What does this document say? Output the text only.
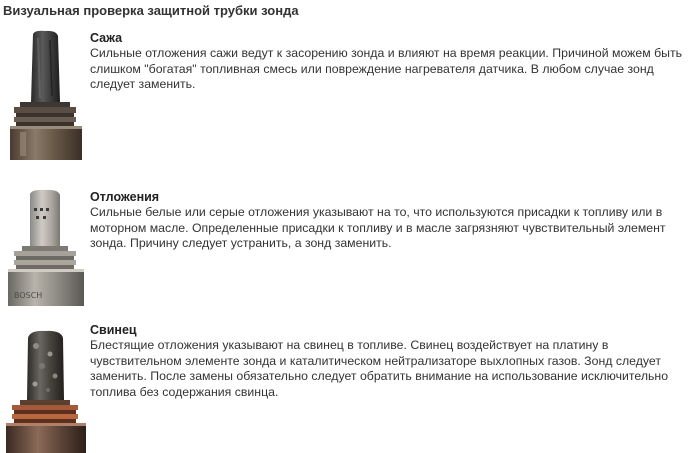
Визуальная проверка защитной трубки зонда
Сажа
Сильные отложения сажи ведут к засорению зонда и влияют на время реакции. Причиной можем быть слишком "богатая" топливная смесь или повреждение нагревателя датчика. В любом случае зонд следует заменить.
BOSCH
Отложения
Сильные белые или серые отложения указывают на то, что используются присадки к топливу или в моторном масле. Определенные присадки к топливу и в масле загрязняют чувствительный элемент зонда. Причину следует устранить, а зонд заменить.
Свинец
Блестящие отложения указывают на свинец в топливе. Свинец воздействует на платину в чувствительном элементе зонда и каталитическом нейтрализаторе выхлопных газов. Зонд следует заменить. После замены обязательно следует обратить внимание на использование исключительно топлива без содержания свинца.
